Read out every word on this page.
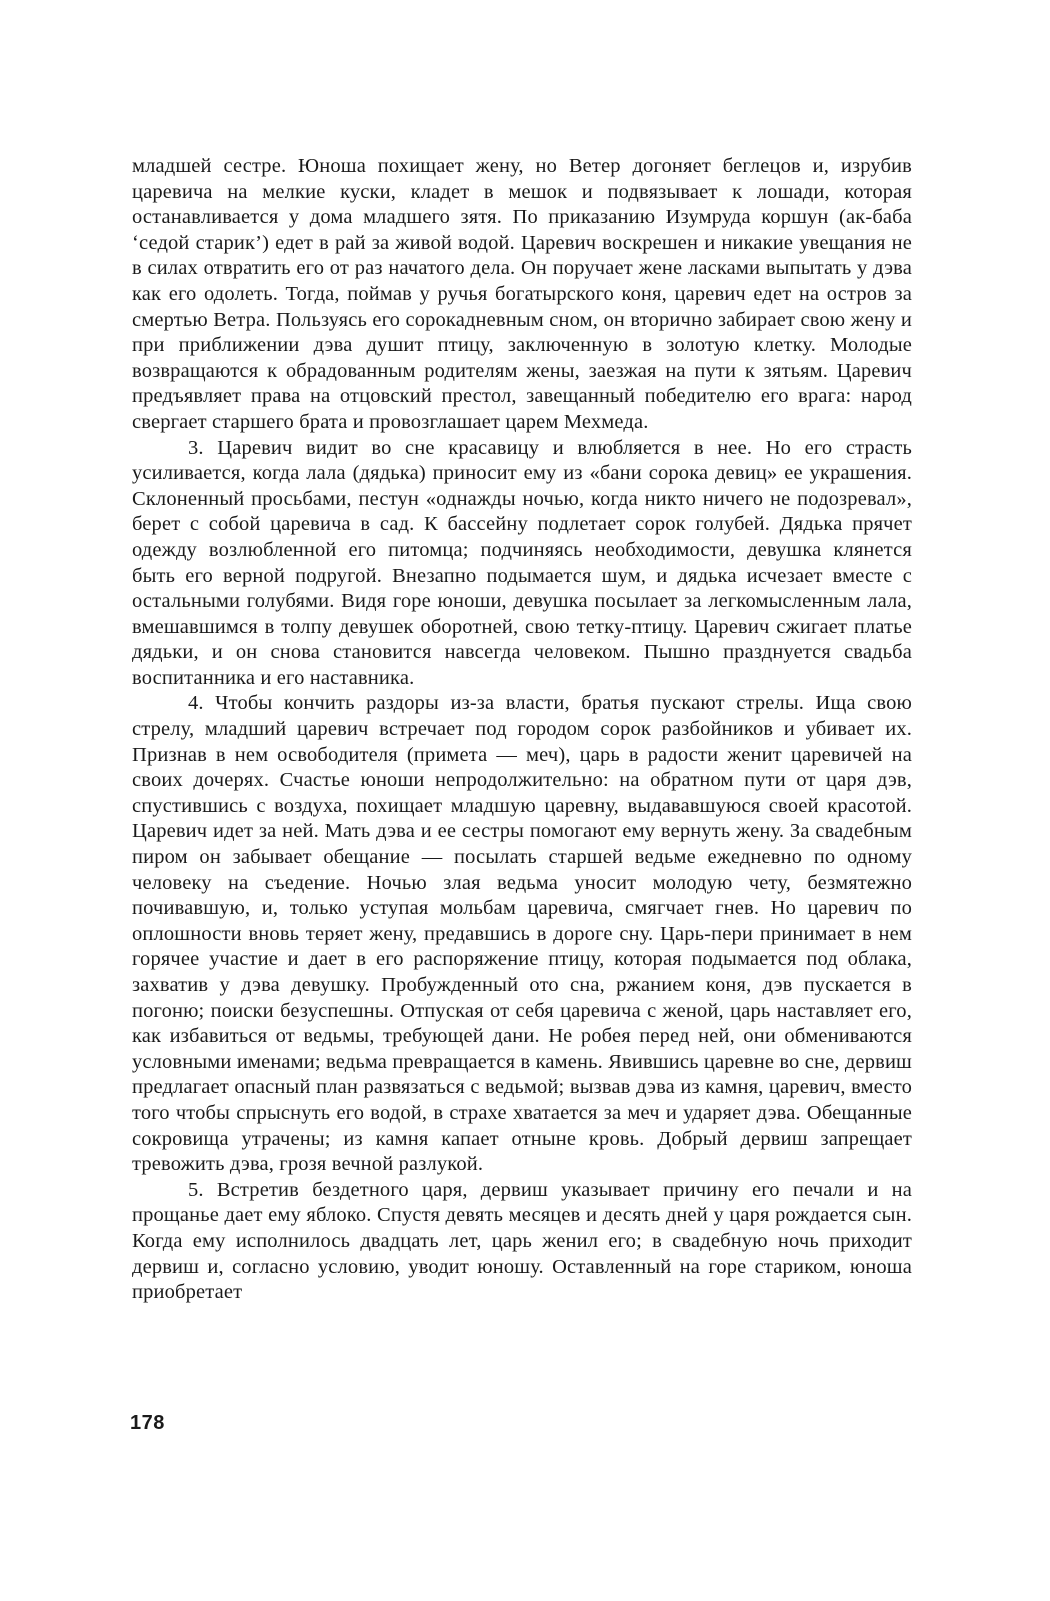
младшей сестре. Юноша похищает жену, но Ветер догоняет беглецов и, изрубив царевича на мелкие куски, кладет в мешок и подвязывает к лошади, которая останавливается у дома младшего зятя. По приказанию Изумруда коршун (ак-баба ‘седой старик’) едет в рай за живой водой. Царевич воскрешен и никакие увещания не в силах отвратить его от раз начатого дела. Он поручает жене ласками выпытать у дэва как его одолеть. Тогда, поймав у ручья богатырского коня, царевич едет на остров за смертью Ветра. Пользуясь его сорокадневным сном, он вторично забирает свою жену и при приближении дэва душит птицу, заключенную в золотую клетку. Молодые возвращаются к обрадованным родителям жены, заезжая на пути к зятьям. Царевич предъявляет права на отцовский престол, завещанный победителю его врага: народ свергает старшего брата и провозглашает царем Мехмеда.

3. Царевич видит во сне красавицу и влюбляется в нее. Но его страсть усиливается, когда лала (дядька) приносит ему из «бани сорока девиц» ее украшения. Склоненный просьбами, пестун «однажды ночью, когда никто ничего не подозревал», берет с собой царевича в сад. К бассейну подлетает сорок голубей. Дядька прячет одежду возлюбленной его питомца; подчиняясь необходимости, девушка клянется быть его верной подругой. Внезапно подымается шум, и дядька исчезает вместе с остальными голубями. Видя горе юноши, девушка посылает за легкомысленным лала, вмешавшимся в толпу девушек оборотней, свою тетку-птицу. Царевич сжигает платье дядьки, и он снова становится навсегда человеком. Пышно празднуется свадьба воспитанника и его наставника.

4. Чтобы кончить раздоры из-за власти, братья пускают стрелы. Ища свою стрелу, младший царевич встречает под городом сорок разбойников и убивает их. Признав в нем освободителя (примета — меч), царь в радости женит царевичей на своих дочерях. Счастье юноши непродолжительно: на обратном пути от царя дэв, спустившись с воздуха, похищает младшую царевну, выдававшуюся своей красотой. Царевич идет за ней. Мать дэва и ее сестры помогают ему вернуть жену. За свадебным пиром он забывает обещание — посылать старшей ведьме ежедневно по одному человеку на съедение. Ночью злая ведьма уносит молодую чету, безмятежно почивавшую, и, только уступая мольбам царевича, смягчает гнев. Но царевич по оплошности вновь теряет жену, предавшись в дороге сну. Царь-пери принимает в нем горячее участие и дает в его распоряжение птицу, которая подымается под облака, захватив у дэва девушку. Пробужденный ото сна, ржанием коня, дэв пускается в погоню; поиски безуспешны. Отпуская от себя царевича с женой, царь наставляет его, как избавиться от ведьмы, требующей дани. Не робея перед ней, они обмениваются условными именами; ведьма превращается в камень. Явившись царевне во сне, дервиш предлагает опасный план развязаться с ведьмой; вызвав дэва из камня, царевич, вместо того чтобы спрыснуть его водой, в страхе хватается за меч и ударяет дэва. Обещанные сокровища утрачены; из камня капает отныне кровь. Добрый дервиш запрещает тревожить дэва, грозя вечной разлукой.

5. Встретив бездетного царя, дервиш указывает причину его печали и на прощанье дает ему яблоко. Спустя девять месяцев и десять дней у царя рождается сын. Когда ему исполнилось двадцать лет, царь женил его; в свадебную ночь приходит дервиш и, согласно условию, уводит юношу. Оставленный на горе стариком, юноша приобретает

178
